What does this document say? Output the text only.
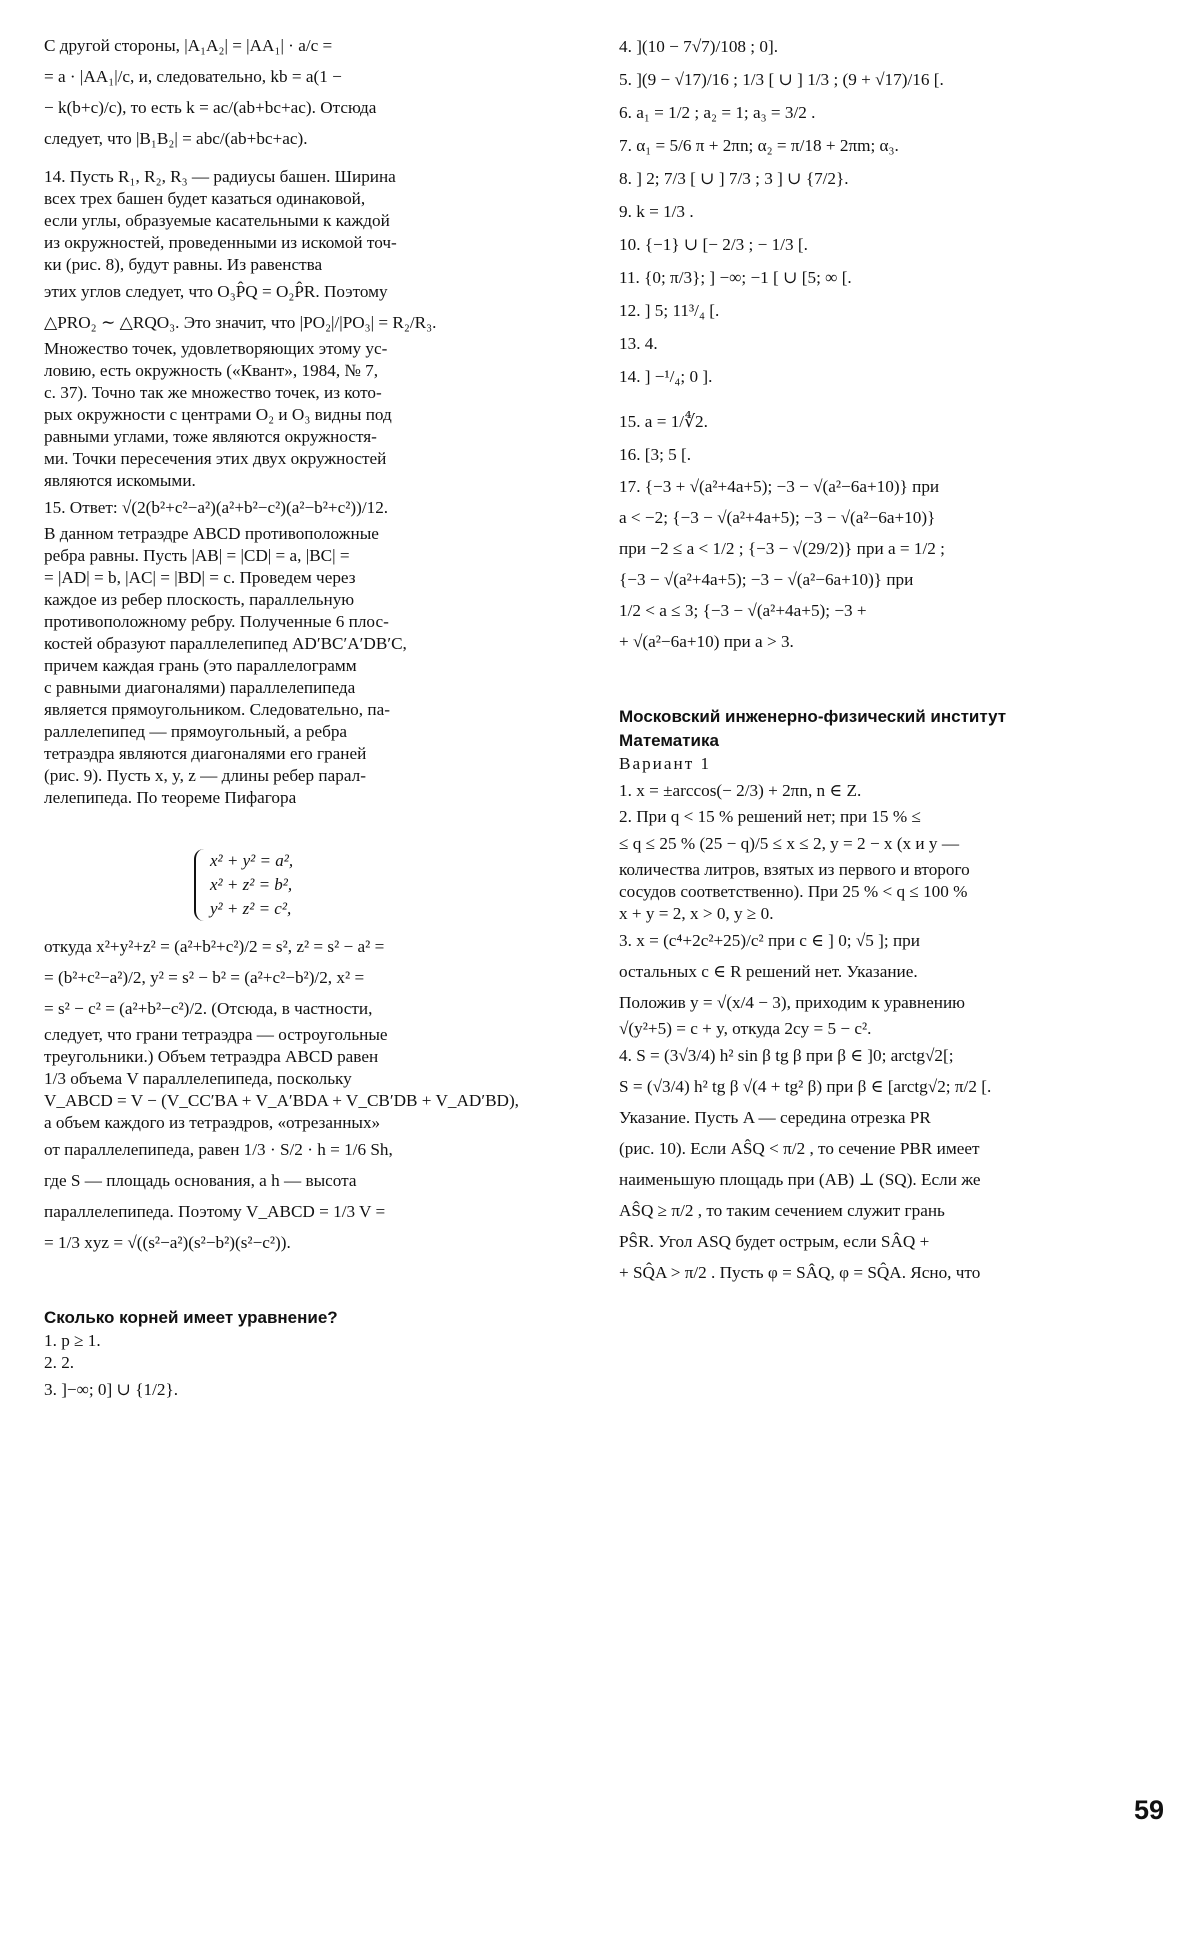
С другой стороны, |A₁A₂| = |AA₁| · a/c =

= a · |AA₁|/c, и, следовательно, kb = a(1 −

− k(b+c)/c), то есть k = ac/(ab+bc+ac). Отсюда

следует, что |B₁B₂| = abc/(ab+bc+ac).

14. Пусть R₁, R₂, R₃ — радиусы башен. Ширина

всех трех башен будет казаться одинаковой,

если углы, образуемые касательными к каждой

из окружностей, проведенными из искомой точ-

ки (рис. 8), будут равны. Из равенства

этих углов следует, что O₃P̂Q = O₂P̂R. Поэтому

△PRO₂ ∼ △RQO₃. Это значит, что |PO₂|/|PO₃| = R₂/R₃.

Множество точек, удовлетворяющих этому ус-

ловию, есть окружность («Квант», 1984, № 7,

с. 37). Точно так же множество точек, из кото-

рых окружности с центрами O₂ и O₃ видны под

равными углами, тоже являются окружностя-

ми. Точки пересечения этих двух окружностей

являются искомыми.

15. Ответ: √(2(b²+c²−a²)(a²+b²−c²)(a²−b²+c²))/12.

В данном тетраэдре ABCD противоположные

ребра равны. Пусть |AB| = |CD| = a, |BC| =

= |AD| = b, |AC| = |BD| = c. Проведем через

каждое из ребер плоскость, параллельную

противоположному ребру. Полученные 6 плос-

костей образуют параллелепипед AD′BC′A′DB′C,

причем каждая грань (это параллелограмм

с равными диагоналями) параллелепипеда

является прямоугольником. Следовательно, па-

раллелепипед — прямоугольный, а ребра

тетраэдра являются диагоналями его граней

(рис. 9). Пусть x, y, z — длины ребер парал-

лелепипеда. По теореме Пифагора

x² + y² = a²,
x² + z² = b²,
y² + z² = c²,

откуда x²+y²+z² = (a²+b²+c²)/2 = s², z² = s² − a² =

= (b²+c²−a²)/2, y² = s² − b² = (a²+c²−b²)/2, x² =

= s² − c² = (a²+b²−c²)/2. (Отсюда, в частности,

следует, что грани тетраэдра — остроугольные

треугольники.) Объем тетраэдра ABCD равен

1/3 объема V параллелепипеда, поскольку

V_ABCD = V − (V_CC′BA + V_A′BDA + V_CB′DB + V_AD′BD),

а объем каждого из тетраэдров, «отрезанных»

от параллелепипеда, равен 1/3 · S/2 · h = 1/6 Sh,

где S — площадь основания, а h — высота

параллелепипеда. Поэтому V_ABCD = 1/3 V =

= 1/3 xyz = √((s²−a²)(s²−b²)(s²−c²)).

Сколько корней имеет уравнение?

1. p ≥ 1.

2. 2.

3. ]−∞; 0] ∪ {1/2}.

4. ](10 − 7√7)/108 ; 0].

5. ](9 − √17)/16 ; 1/3 [ ∪ ] 1/3 ; (9 + √17)/16 [.

6. a₁ = 1/2 ; a₂ = 1; a₃ = 3/2 .

7. α₁ = 5/6 π + 2πn; α₂ = π/18 + 2πm; α₃.

8. ] 2; 7/3 [ ∪ ] 7/3 ; 3 ] ∪ {7/2}.

9. k = 1/3 .

10. {−1} ∪ [− 2/3 ; − 1/3 [.

11. {0; π/3}; ] −∞; −1 [ ∪ [5; ∞ [.

12. ] 5; 11³/₄ [.

13. 4.

14. ] −¹/₄; 0 ].

15. a = 1/∜2.

16. [3; 5 [.

17. {−3 + √(a²+4a+5); −3 − √(a²−6a+10)} при

a < −2; {−3 − √(a²+4a+5); −3 − √(a²−6a+10)}

при −2 ≤ a < 1/2 ; {−3 − √(29/2)} при a = 1/2 ;

{−3 − √(a²+4a+5); −3 − √(a²−6a+10)} при

1/2 < a ≤ 3; {−3 − √(a²+4a+5); −3 +

+ √(a²−6a+10) при a > 3.

Московский инженерно-физический институт

Математика

Вариант 1

1. x = ±arccos(− 2/3) + 2πn, n ∈ Z.

2. При q < 15 % решений нет; при 15 % ≤

≤ q ≤ 25 % (25 − q)/5 ≤ x ≤ 2, y = 2 − x (x и y —

количества литров, взятых из первого и второго

сосудов соответственно). При 25 % < q ≤ 100 %

x + y = 2, x > 0, y ≥ 0.

3. x = (c⁴+2c²+25)/c² при c ∈ ] 0; √5 ]; при

остальных c ∈ R решений нет. Указание.

Положив y = √(x/4 − 3), приходим к уравнению

√(y²+5) = c + y, откуда 2cy = 5 − c².

4. S = (3√3/4) h² sin β tg β при β ∈ ]0; arctg√2[;

S = (√3/4) h² tg β √(4 + tg² β) при β ∈ [arctg√2; π/2 [.

Указание. Пусть A — середина отрезка PR

(рис. 10). Если AŜQ < π/2 , то сечение PBR имеет

наименьшую площадь при (AB) ⊥ (SQ). Если же

AŜQ ≥ π/2 , то таким сечением служит грань

PŜR. Угол ASQ будет острым, если SÂQ +

+ SQ̂A > π/2 . Пусть φ = SÂQ, φ = SQ̂A. Ясно, что

59
